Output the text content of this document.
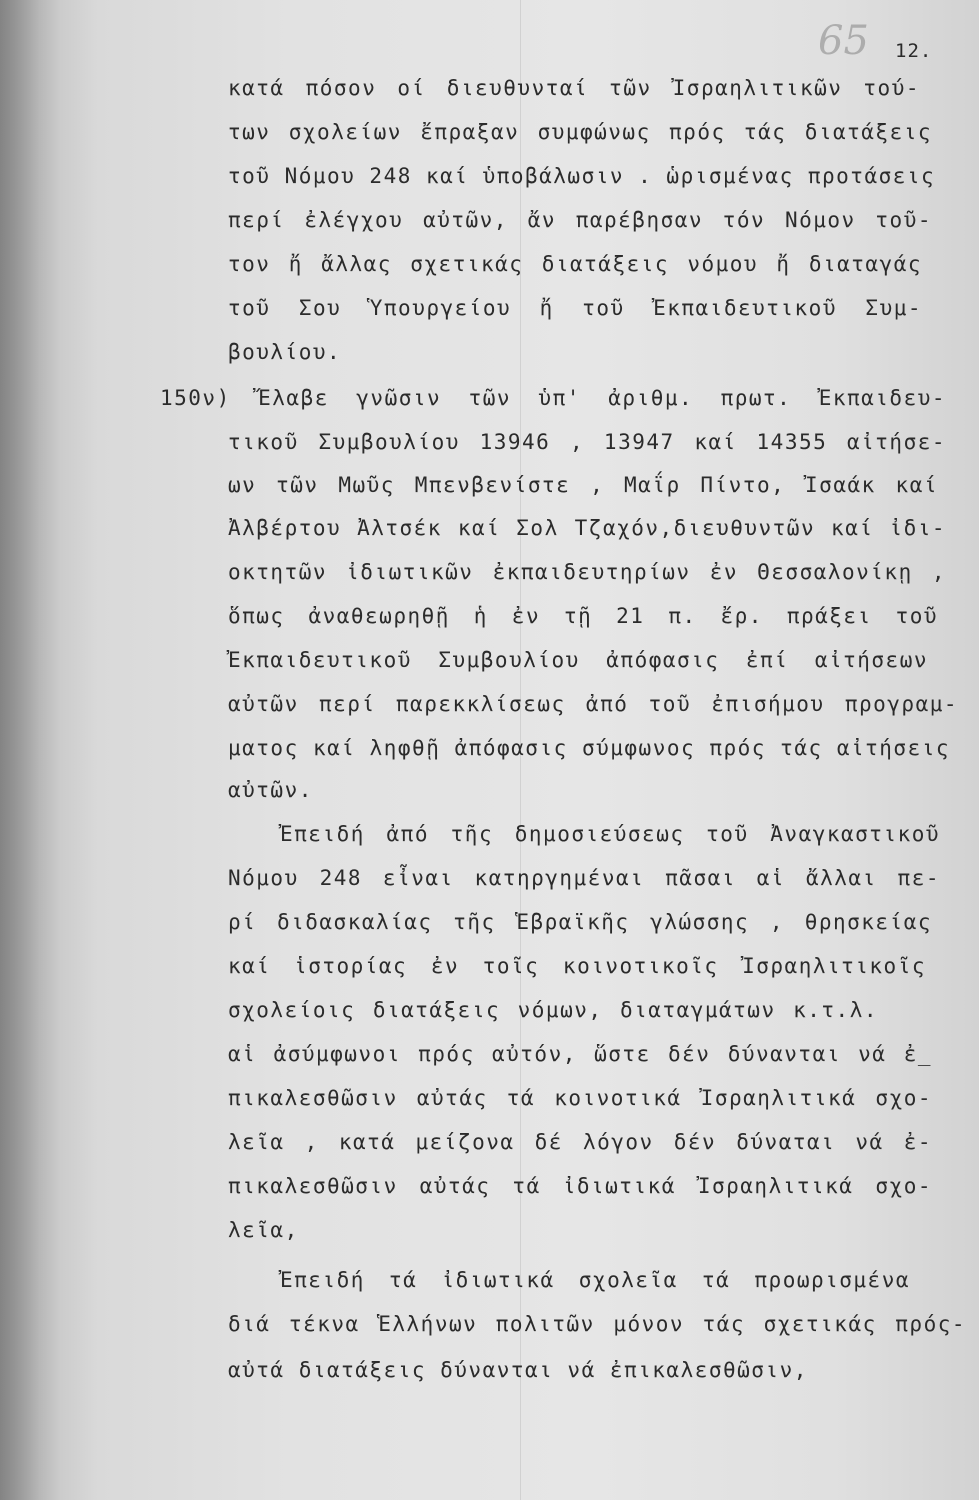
65 12.
κατά πόσον οί διευθυνταί τῶν Ἰσραηλιτικῶν τού-
των σχολείων ἔπραξαν συμφώνως πρός τάς διατάξεις
τοῦ Νόμου 248 καί ὑποβάλωσιν . ὡρισμένας προτάσεις
περί ἐλέγχου αὐτῶν, ἄν παρέβησαν τόν Νόμον τοῦ-
τον ἤ ἄλλας σχετικάς διατάξεις νόμου ἤ διαταγάς
τοῦ Σου Ὑπουργείου ἤ τοῦ Ἐκπαιδευτικοῦ Συμ-
βουλίου.
150ν) Ἔλαβε γνῶσιν τῶν ὑπ' ἀριθμ. πρωτ. Ἐκπαιδευ-
τικοῦ Συμβουλίου 13946 , 13947 καί 14355 αἰτήσε-
ων τῶν Μωῦς Μπενβενίστε , Μαΐρ Πίντο, Ἰσαάκ καί
Ἀλβέρτου Ἀλτσέκ καί Σολ Τζαχόν,διευθυντῶν καί ἰδι-
οκτητῶν ἰδιωτικῶν ἐκπαιδευτηρίων ἐν Θεσσαλονίκῃ ,
ὅπως ἀναθεωρηθῇ ἡ ἐν τῇ 21 π. ἔρ. πράξει τοῦ
Ἐκπαιδευτικοῦ Συμβουλίου ἀπόφασις ἐπί αἰτήσεων
αὐτῶν περί παρεκκλίσεως ἀπό τοῦ ἐπισήμου προγραμ-
ματος καί ληφθῇ ἀπόφασις σύμφωνος πρός τάς αἰτήσεις
αὐτῶν.
Ἐπειδή ἀπό τῆς δημοσιεύσεως τοῦ Ἀναγκαστικοῦ
Νόμου 248 εἶναι κατηργημέναι πᾶσαι αἱ ἄλλαι πε-
ρί διδασκαλίας τῆς Ἑβραϊκῆς γλώσσης , θρησκείας
καί ἱστορίας ἐν τοῖς κοινοτικοῖς Ἰσραηλιτικοῖς
σχολείοις διατάξεις νόμων, διαταγμάτων κ.τ.λ.
αἱ ἀσύμφωνοι πρός αὐτόν, ὥστε δέν δύνανται νά ἐ_
πικαλεσθῶσιν αὐτάς τά κοινοτικά Ἰσραηλιτικά σχο-
λεῖα , κατά μείζονα δέ λόγον δέν δύναται νά ἐ-
πικαλεσθῶσιν αὐτάς τά ἰδιωτικά Ἰσραηλιτικά σχο-
λεῖα,
Ἐπειδή τά ἰδιωτικά σχολεῖα τά προωρισμένα
διά τέκνα Ἑλλήνων πολιτῶν μόνον τάς σχετικάς πρός-
αὐτά διατάξεις δύνανται νά ἐπικαλεσθῶσιν,
